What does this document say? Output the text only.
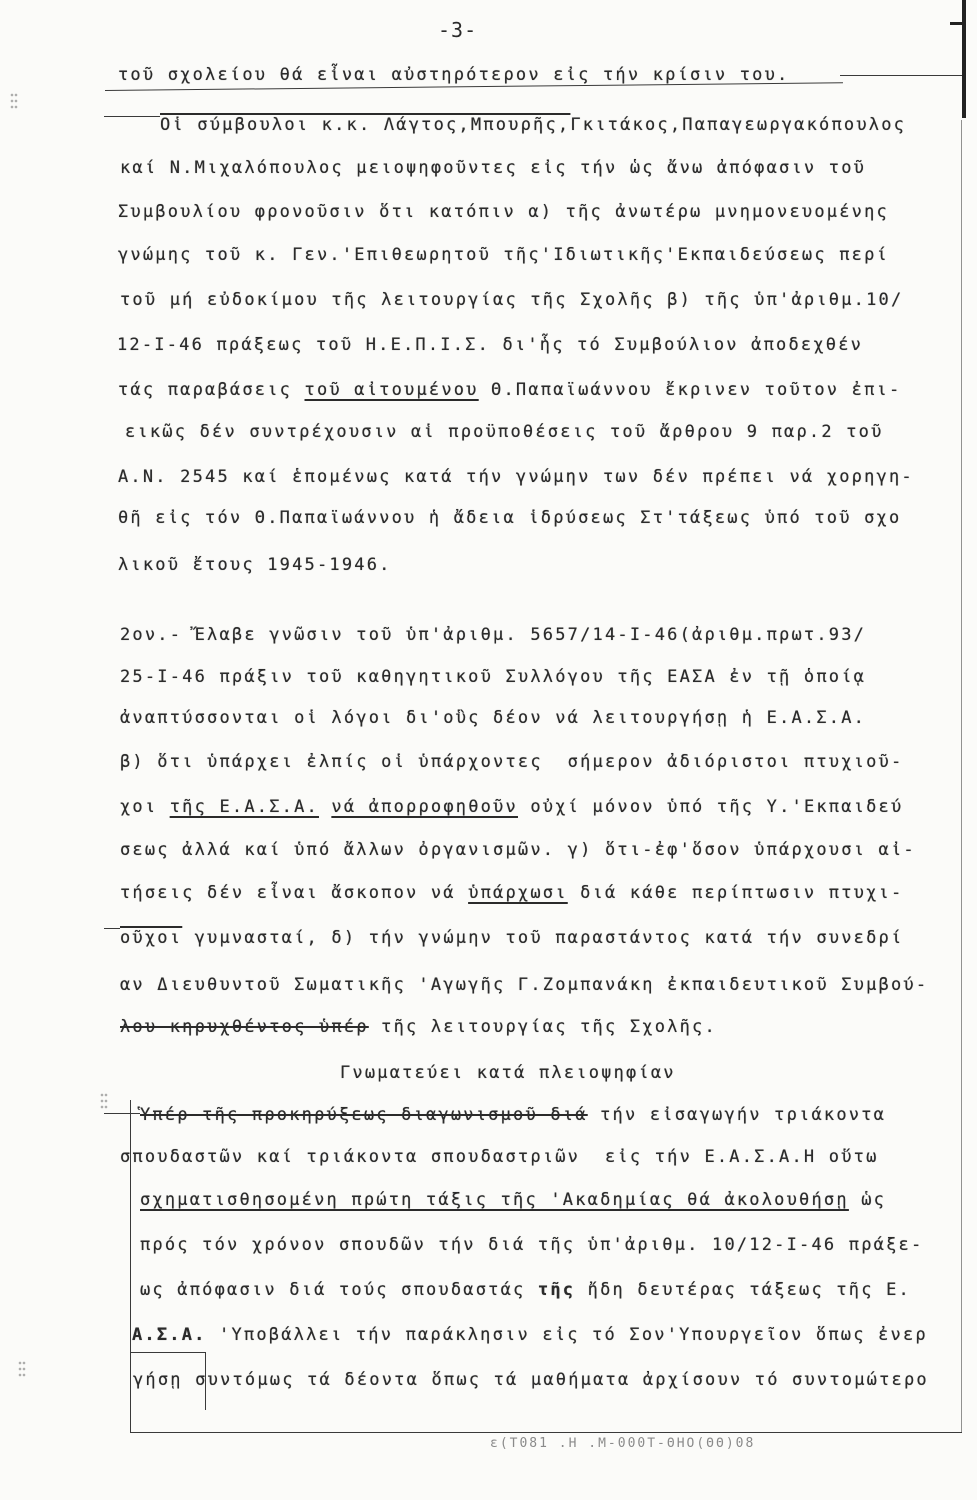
-3-
τοῦ σχολείου θά εἶναι αὐστηρότερον εἰς τήν κρίσιν του.
Οἱ σύμβουλοι κ.κ. Λάγτος,Μπουρῆς,Γκιτάκος,Παπαγεωργακόπουλος
καί Ν.Μιχαλόπουλος μειοψηφοῦντες εἰς τήν ὡς ἄνω ἀπόφασιν τοῦ
Συμβουλίου φρονοῦσιν ὅτι κατόπιν α) τῆς ἀνωτέρω μνημονευομένης
γνώμης τοῦ κ. Γεν.'Επιθεωρητοῦ τῆς'Ιδιωτικῆς'Εκπαιδεύσεως περί
τοῦ μή εὐδοκίμου τῆς λειτουργίας τῆς Σχολῆς β) τῆς ὑπ'ἀριθμ.10/
12-I-46 πράξεως τοῦ Η.Ε.Π.Ι.Σ. δι'ἧς τό Συμβούλιον ἀποδεχθέν
τάς παραβάσεις τοῦ αἰτουμένου Θ.Παπαϊωάννου ἔκρινεν τοῦτον ἐπι-
εικῶς δέν συντρέχουσιν αἱ προϋποθέσεις τοῦ ἄρθρου 9 παρ.2 τοῦ
Α.Ν. 2545 καί ἑπομένως κατά τήν γνώμην των δέν πρέπει νά χορηγη-
θῆ εἰς τόν Θ.Παπαϊωάννου ἡ ἄδεια ἱδρύσεως Στ'τάξεως ὑπό τοῦ σχο
λικοῦ ἔτους 1945-1946.
2ον.- Ἔλαβε γνῶσιν τοῦ ὑπ'ἀριθμ. 5657/14-I-46(ἀριθμ.πρωτ.93/
25-I-46 πράξιν τοῦ καθηγητικοῦ Συλλόγου τῆς ΕΑΣΑ ἐν τῇ ὁποίᾳ
ἀναπτύσσονται οἱ λόγοι δι'οὓς δέον νά λειτουργήσῃ ἡ Ε.Α.Σ.Α.
β) ὅτι ὑπάρχει ἐλπίς οἱ ὑπάρχοντες  σήμερον ἀδιόριστοι πτυχιοῦ-
χοι τῆς Ε.Α.Σ.Α. νά ἀπορροφηθοῦν οὐχί μόνον ὑπό τῆς Υ.'Εκπαιδεύ
σεως ἀλλά καί ὑπό ἄλλων ὀργανισμῶν. γ) ὅτι-ἐφ'ὅσον ὑπάρχουσι αἰ-
τήσεις δέν εἶναι ἄσκοπον νά ὑπάρχωσι διά κάθε περίπτωσιν πτυχι-
οῦχοι γυμνασταί, δ) τήν γνώμην τοῦ παραστάντος κατά τήν συνεδρί
αν Διευθυντοῦ Σωματικῆς 'Αγωγῆς Γ.Ζομπανάκη ἐκπαιδευτικοῦ Συμβού-
λου κηρυχθέντος ὑπέρ τῆς λειτουργίας τῆς Σχολῆς.
Γνωματεύει κατά πλειοψηφίαν
Ὑπέρ τῆς προκηρύξεως διαγωνισμοῦ διά τήν εἰσαγωγήν τριάκοντα
σπουδαστῶν καί τριάκοντα σπουδαστριῶν  εἰς τήν Ε.Α.Σ.Α.Η οὕτω
σχηματισθησομένη πρώτη τάξις τῆς 'Ακαδημίας θά ἀκολουθήσῃ ὡς
πρός τόν χρόνον σπουδῶν τήν διά τῆς ὑπ'ἀριθμ. 10/12-I-46 πράξε-
ως ἀπόφασιν διά τούς σπουδαστάς τῆς ἤδη δευτέρας τάξεως τῆς Ε.
Α.Σ.Α. 'Υποβάλλει τήν παράκλησιν εἰς τό Σον'Υπουργεῖον ὅπως ἐνερ
γήσῃ συντόμως τά δέοντα ὅπως τά μαθήματα ἀρχίσουν τό συντομώτερο
ε(Τ081 .Η .Μ-000Τ-ΘΗΟ(ΘΘ)08
